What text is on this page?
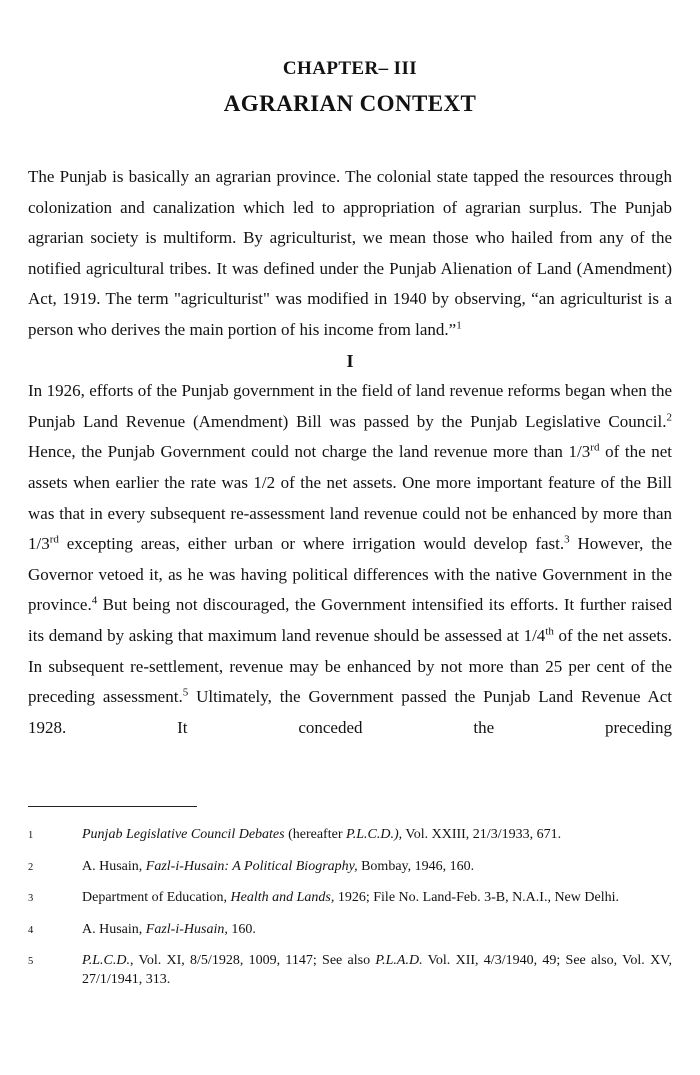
CHAPTER– III
AGRARIAN CONTEXT

The Punjab is basically an agrarian province. The colonial state tapped the resources through colonization and canalization which led to appropriation of agrarian surplus. The Punjab agrarian society is multiform. By agriculturist, we mean those who hailed from any of the notified agricultural tribes. It was defined under the Punjab Alienation of Land (Amendment) Act, 1919. The term "agriculturist" was modified in 1940 by observing, “an agriculturist is a person who derives the main portion of his income from land.”$^1$

I

In 1926, efforts of the Punjab government in the field of land revenue reforms began when the Punjab Land Revenue (Amendment) Bill was passed by the Punjab Legislative Council.$^2$ Hence, the Punjab Government could not charge the land revenue more than 1/3rd of the net assets when earlier the rate was 1/2 of the net assets. One more important feature of the Bill was that in every subsequent re-assessment land revenue could not be enhanced by more than 1/3rd excepting areas, either urban or where irrigation would develop fast.$^3$ However, the Governor vetoed it, as he was having political differences with the native Government in the province.$^4$ But being not discouraged, the Government intensified its efforts. It further raised its demand by asking that maximum land revenue should be assessed at 1/4th of the net assets. In subsequent re-settlement, revenue may be enhanced by not more than 25 per cent of the preceding assessment.$^5$ Ultimately, the Government passed the Punjab Land Revenue Act 1928. It conceded the preceding

1	Punjab Legislative Council Debates (hereafter P.L.C.D.), Vol. XXIII, 21/3/1933, 671.
2	A. Husain, Fazl-i-Husain: A Political Biography, Bombay, 1946, 160.
3	Department of Education, Health and Lands, 1926; File No. Land-Feb. 3-B, N.A.I., New Delhi.
4	A. Husain, Fazl-i-Husain, 160.
5	P.L.C.D., Vol. XI, 8/5/1928, 1009, 1147; See also P.L.A.D. Vol. XII, 4/3/1940, 49; See also, Vol. XV, 27/1/1941, 313.
